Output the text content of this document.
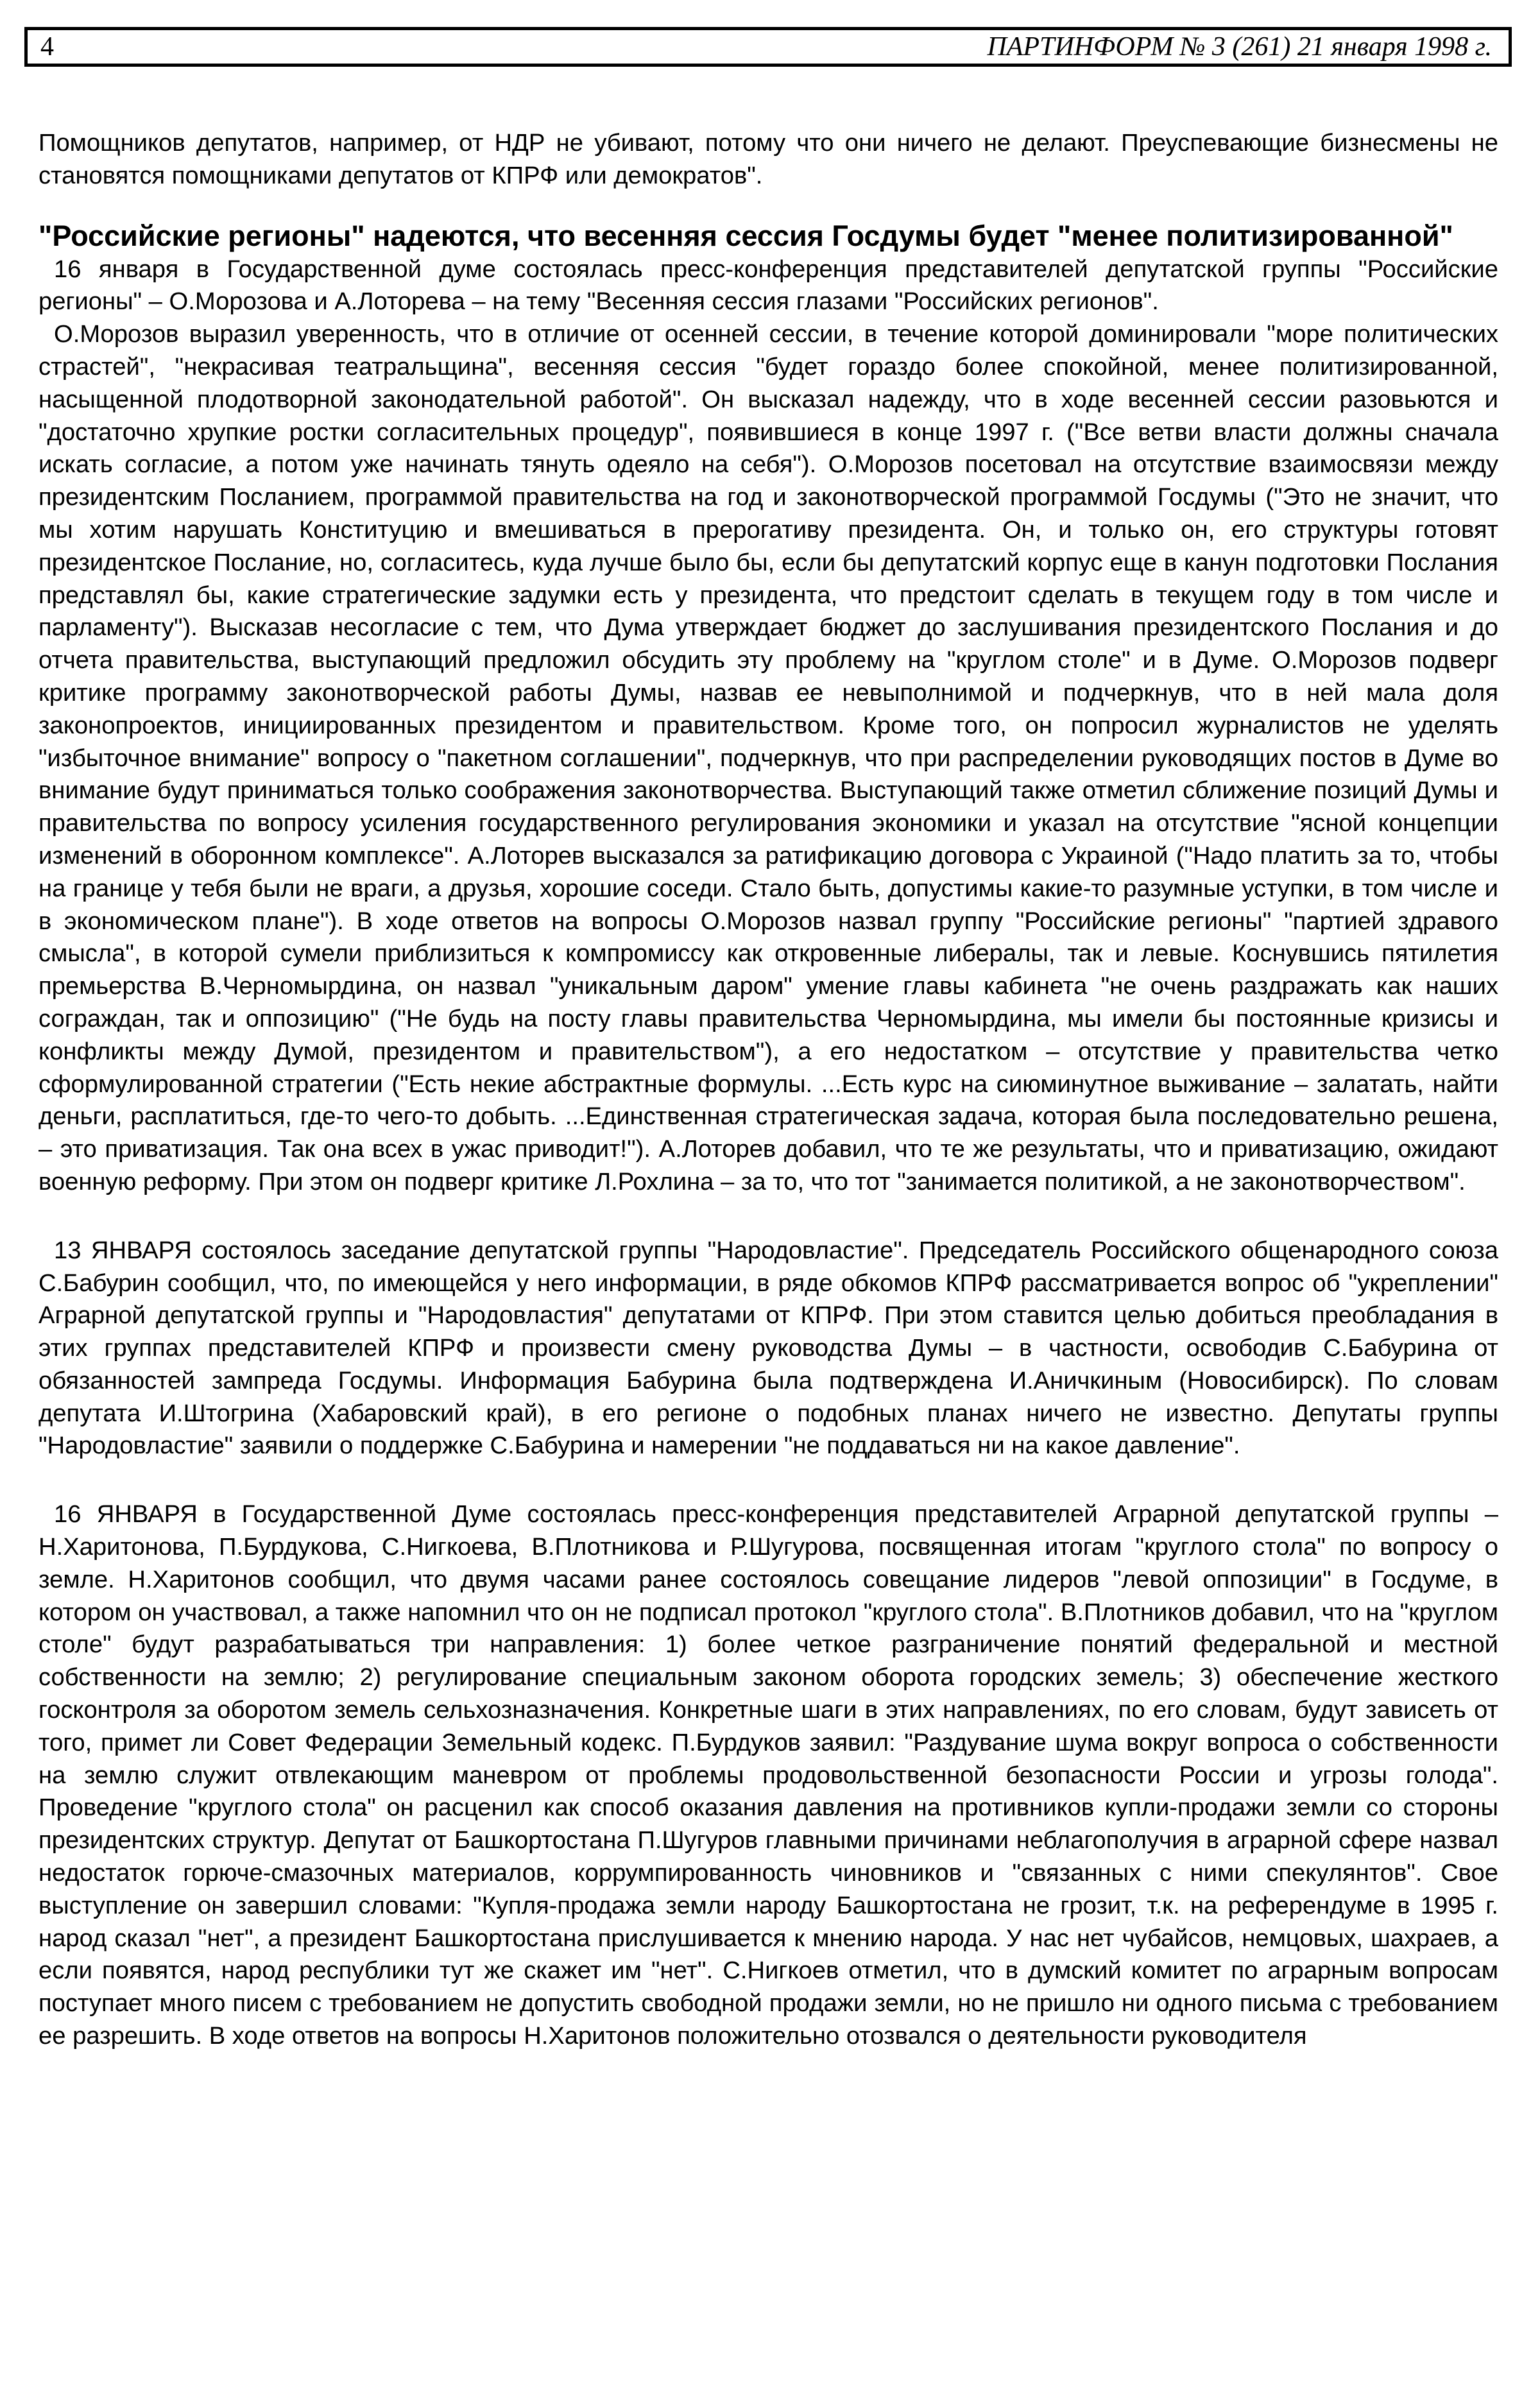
4	ПАРТИНФОРМ № 3 (261) 21 января 1998 г.

Помощников депутатов, например, от НДР не убивают, потому что они ничего не делают. Преуспевающие бизнесмены не становятся помощниками депутатов от КПРФ или демократов".

"Российские регионы" надеются, что весенняя сессия Госдумы будет "менее политизированной"

16 января в Государственной думе состоялась пресс-конференция представителей депутатской группы "Российские регионы" – О.Морозова и А.Лоторева – на тему "Весенняя сессия глазами "Российских регионов".

О.Морозов выразил уверенность, что в отличие от осенней сессии, в течение которой доминировали "море политических страстей", "некрасивая театральщина", весенняя сессия "будет гораздо более спокойной, менее политизированной, насыщенной плодотворной законодательной работой". Он высказал надежду, что в ходе весенней сессии разовьются и "достаточно хрупкие ростки согласительных процедур", появившиеся в конце 1997 г. ("Все ветви власти должны сначала искать согласие, а потом уже начинать тянуть одеяло на себя"). О.Морозов посетовал на отсутствие взаимосвязи между президентским Посланием, программой правительства на год и законотворческой программой Госдумы ("Это не значит, что мы хотим нарушать Конституцию и вмешиваться в прерогативу президента. Он, и только он, его структуры готовят президентское Послание, но, согласитесь, куда лучше было бы, если бы депутатский корпус еще в канун подготовки Послания представлял бы, какие стратегические задумки есть у президента, что предстоит сделать в текущем году в том числе и парламенту"). Высказав несогласие с тем, что Дума утверждает бюджет до заслушивания президентского Послания и до отчета правительства, выступающий предложил обсудить эту проблему на "круглом столе" и в Думе. О.Морозов подверг критике программу законотворческой работы Думы, назвав ее невыполнимой и подчеркнув, что в ней мала доля законопроектов, инициированных президентом и правительством. Кроме того, он попросил журналистов не уделять "избыточное внимание" вопросу о "пакетном соглашении", подчеркнув, что при распределении руководящих постов в Думе во внимание будут приниматься только соображения законотворчества. Выступающий также отметил сближение позиций Думы и правительства по вопросу усиления государственного регулирования экономики и указал на отсутствие "ясной концепции изменений в оборонном комплексе". А.Лоторев высказался за ратификацию договора с Украиной ("Надо платить за то, чтобы на границе у тебя были не враги, а друзья, хорошие соседи. Стало быть, допустимы какие-то разумные уступки, в том числе и в экономическом плане"). В ходе ответов на вопросы О.Морозов назвал группу "Российские регионы" "партией здравого смысла", в которой сумели приблизиться к компромиссу как откровенные либералы, так и левые. Коснувшись пятилетия премьерства В.Черномырдина, он назвал "уникальным даром" умение главы кабинета "не очень раздражать как наших сограждан, так и оппозицию" ("Не будь на посту главы правительства Черномырдина, мы имели бы постоянные кризисы и конфликты между Думой, президентом и правительством"), а его недостатком – отсутствие у правительства четко сформулированной стратегии ("Есть некие абстрактные формулы. ...Есть курс на сиюминутное выживание – залатать, найти деньги, расплатиться, где-то чего-то добыть. ...Единственная стратегическая задача, которая была последовательно решена, – это приватизация. Так она всех в ужас приводит!"). А.Лоторев добавил, что те же результаты, что и приватизацию, ожидают военную реформу. При этом он подверг критике Л.Рохлина – за то, что тот "занимается политикой, а не законотворчеством".

13 ЯНВАРЯ состоялось заседание депутатской группы "Народовластие". Председатель Российского общенародного союза С.Бабурин сообщил, что, по имеющейся у него информации, в ряде обкомов КПРФ рассматривается вопрос об "укреплении" Аграрной депутатской группы и "Народовластия" депутатами от КПРФ. При этом ставится целью добиться преобладания в этих группах представителей КПРФ и произвести смену руководства Думы – в частности, освободив С.Бабурина от обязанностей зампреда Госдумы. Информация Бабурина была подтверждена И.Аничкиным (Новосибирск). По словам депутата И.Штогрина (Хабаровский край), в его регионе о подобных планах ничего не известно. Депутаты группы "Народовластие" заявили о поддержке С.Бабурина и намерении "не поддаваться ни на какое давление".

16 ЯНВАРЯ в Государственной Думе состоялась пресс-конференция представителей Аграрной депутатской группы – Н.Харитонова, П.Бурдукова, С.Нигкоева, В.Плотникова и Р.Шугурова, посвященная итогам "круглого стола" по вопросу о земле. Н.Харитонов сообщил, что двумя часами ранее состоялось совещание лидеров "левой оппозиции" в Госдуме, в котором он участвовал, а также напомнил что он не подписал протокол "круглого стола". В.Плотников добавил, что на "круглом столе" будут разрабатываться три направления: 1) более четкое разграничение понятий федеральной и местной собственности на землю; 2) регулирование специальным законом оборота городских земель; 3) обеспечение жесткого госконтроля за оборотом земель сельхозназначения. Конкретные шаги в этих направлениях, по его словам, будут зависеть от того, примет ли Совет Федерации Земельный кодекс. П.Бурдуков заявил: "Раздувание шума вокруг вопроса о собственности на землю служит отвлекающим маневром от проблемы продовольственной безопасности России и угрозы голода". Проведение "круглого стола" он расценил как способ оказания давления на противников купли-продажи земли со стороны президентских структур. Депутат от Башкортостана П.Шугуров главными причинами неблагополучия в аграрной сфере назвал недостаток горюче-смазочных материалов, коррумпированность чиновников и "связанных с ними спекулянтов". Свое выступление он завершил словами: "Купля-продажа земли народу Башкортостана не грозит, т.к. на референдуме в 1995 г. народ сказал "нет", а президент Башкортостана прислушивается к мнению народа. У нас нет чубайсов, немцовых, шахраев, а если появятся, народ республики тут же скажет им "нет". С.Нигкоев отметил, что в думский комитет по аграрным вопросам поступает много писем с требованием не допустить свободной продажи земли, но не пришло ни одного письма с требованием ее разрешить. В ходе ответов на вопросы Н.Харитонов положительно отозвался о деятельности руководителя
